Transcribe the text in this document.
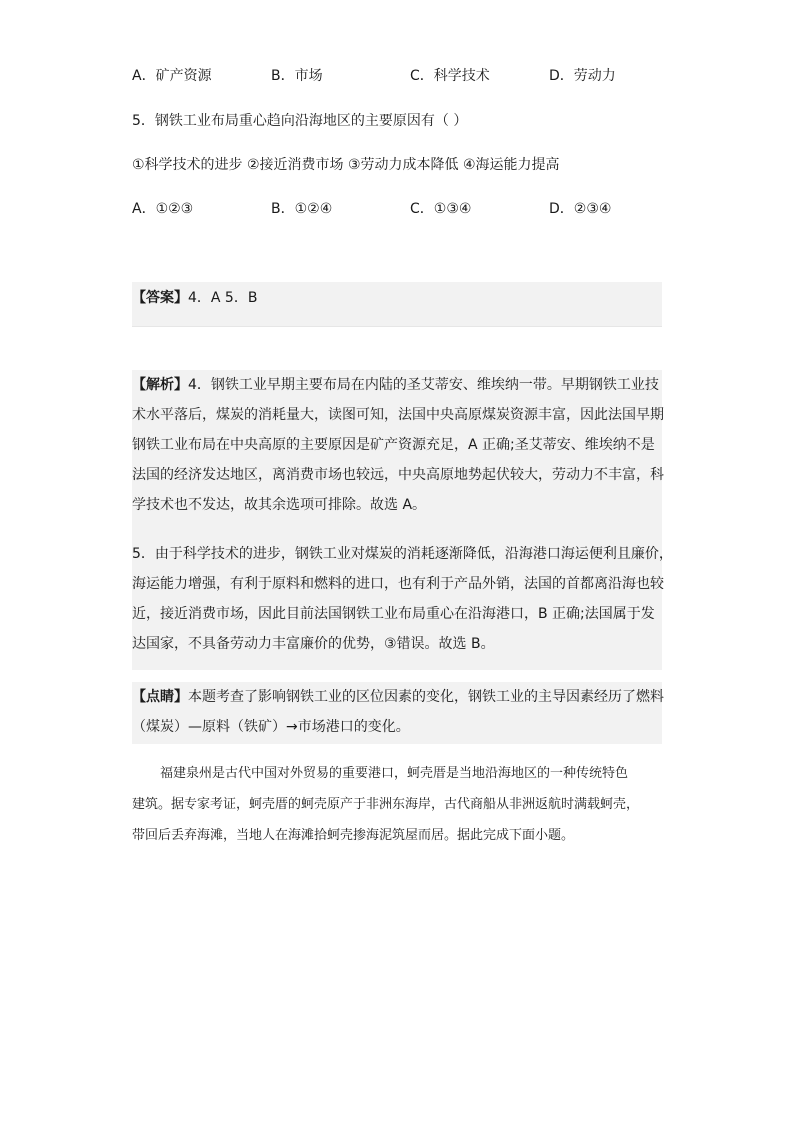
A．矿产资源	B．市场	C．科学技术	D．劳动力
5．钢铁工业布局重心趋向沿海地区的主要原因有（ ）
①科学技术的进步 ②接近消费市场 ③劳动力成本降低 ④海运能力提高
A．①②③	B．①②④	C．①③④	D．②③④
【答案】4．A 5．B
【解析】4．钢铁工业早期主要布局在内陆的圣艾蒂安、维埃纳一带。早期钢铁工业技
术水平落后，煤炭的消耗量大，读图可知，法国中央高原煤炭资源丰富，因此法国早期
钢铁工业布局在中央高原的主要原因是矿产资源充足，A 正确;圣艾蒂安、维埃纳不是
法国的经济发达地区，离消费市场也较远，中央高原地势起伏较大，劳动力不丰富，科
学技术也不发达，故其余选项可排除。故选 A。
5．由于科学技术的进步，钢铁工业对煤炭的消耗逐渐降低，沿海港口海运便利且廉价，
海运能力增强，有利于原料和燃料的进口，也有利于产品外销，法国的首都离沿海也较
近，接近消费市场，因此目前法国钢铁工业布局重心在沿海港口，B 正确;法国属于发
达国家，不具备劳动力丰富廉价的优势，③错误。故选 B。
【点睛】本题考查了影响钢铁工业的区位因素的变化，钢铁工业的主导因素经历了燃料
（煤炭）—原料（铁矿）→市场港口的变化。
福建泉州是古代中国对外贸易的重要港口，蚵壳厝是当地沿海地区的一种传统特色
建筑。据专家考证，蚵壳厝的蚵壳原产于非洲东海岸，古代商船从非洲返航时满载蚵壳，
带回后丢弃海滩，当地人在海滩拾蚵壳掺海泥筑屋而居。据此完成下面小题。
